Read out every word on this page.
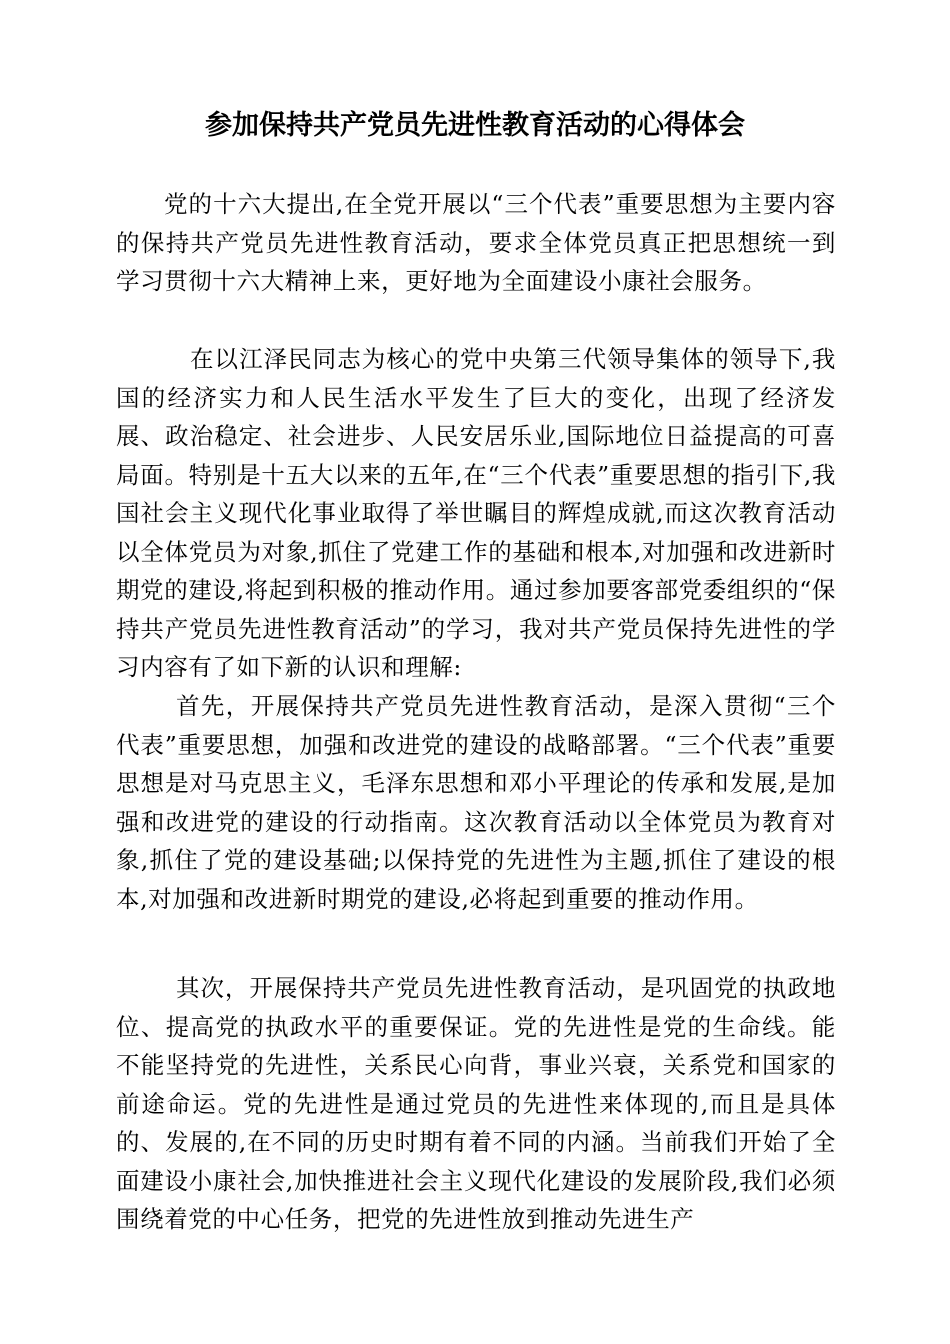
参加保持共产党员先进性教育活动的心得体会

党的十六大提出,在全党开展以“三个代表”重要思想为主要内容的保持共产党员先进性教育活动，要求全体党员真正把思想统一到学习贯彻十六大精神上来，更好地为全面建设小康社会服务。

在以江泽民同志为核心的党中央第三代领导集体的领导下,我国的经济实力和人民生活水平发生了巨大的变化，出现了经济发展、政治稳定、社会进步、人民安居乐业,国际地位日益提高的可喜局面。特别是十五大以来的五年,在“三个代表”重要思想的指引下,我国社会主义现代化事业取得了举世瞩目的辉煌成就,而这次教育活动以全体党员为对象,抓住了党建工作的基础和根本,对加强和改进新时期党的建设,将起到积极的推动作用。通过参加要客部党委组织的“保持共产党员先进性教育活动”的学习，我对共产党员保持先进性的学习内容有了如下新的认识和理解:

首先，开展保持共产党员先进性教育活动，是深入贯彻“三个代表”重要思想，加强和改进党的建设的战略部署。“三个代表”重要思想是对马克思主义，毛泽东思想和邓小平理论的传承和发展,是加强和改进党的建设的行动指南。这次教育活动以全体党员为教育对象,抓住了党的建设基础;以保持党的先进性为主题,抓住了建设的根本,对加强和改进新时期党的建设,必将起到重要的推动作用。

其次，开展保持共产党员先进性教育活动，是巩固党的执政地位、提高党的执政水平的重要保证。党的先进性是党的生命线。能不能坚持党的先进性，关系民心向背，事业兴衰，关系党和国家的前途命运。党的先进性是通过党员的先进性来体现的,而且是具体的、发展的,在不同的历史时期有着不同的内涵。当前我们开始了全面建设小康社会,加快推进社会主义现代化建设的发展阶段,我们必须围绕着党的中心任务，把党的先进性放到推动先进生产
